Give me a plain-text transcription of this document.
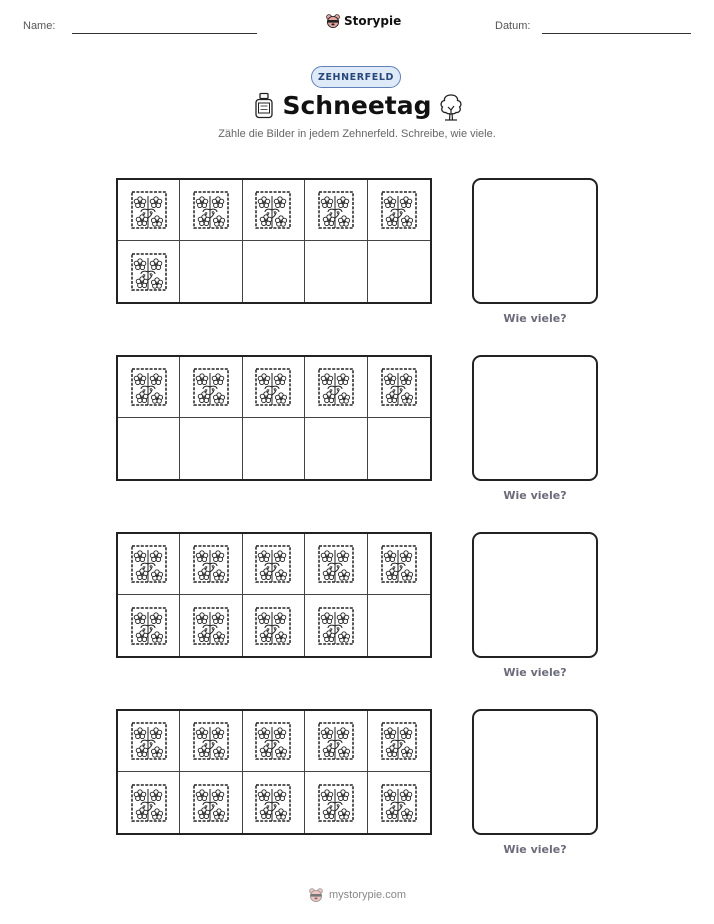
Name:	Storypie	Datum:
ZEHNERFELD
Schneetag
Zähle die Bilder in jedem Zehnerfeld. Schreibe, wie viele.
Wie viele?
Wie viele?
Wie viele?
Wie viele?
mystorypie.com
